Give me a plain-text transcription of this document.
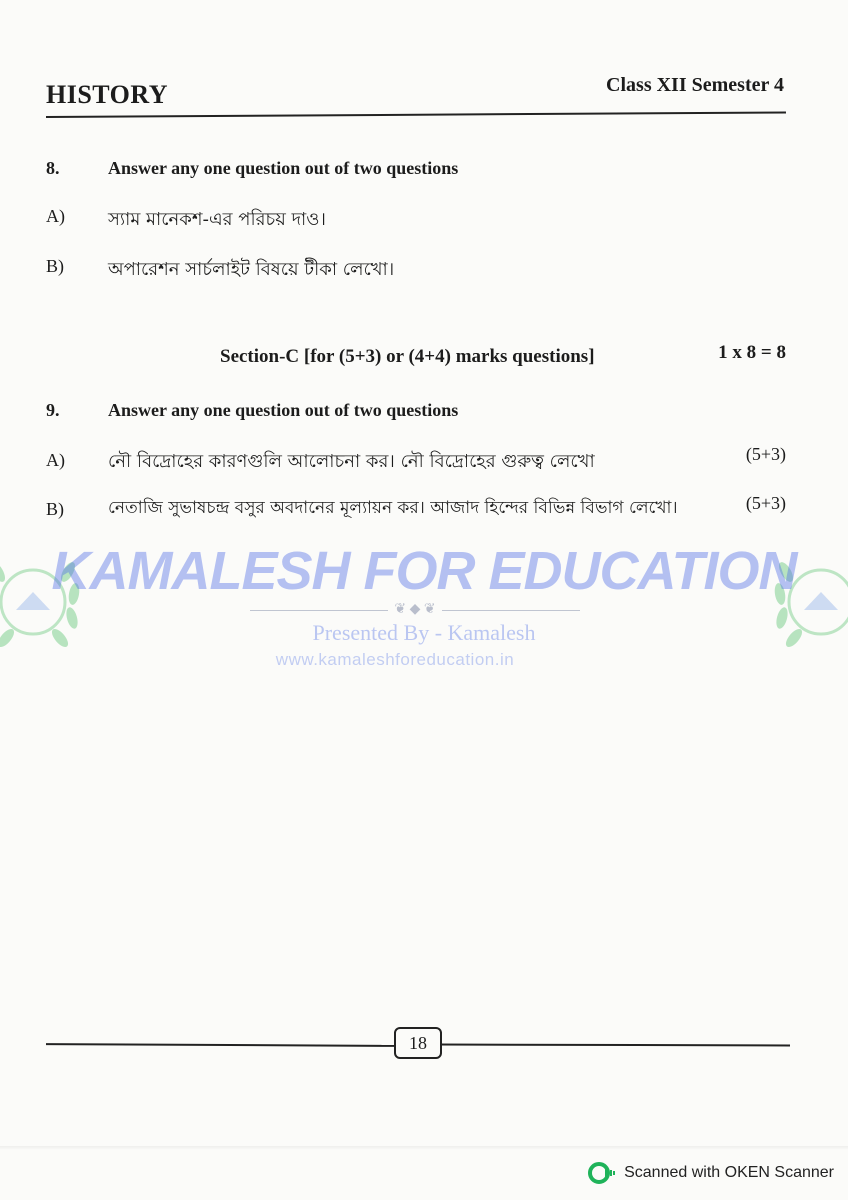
HISTORY	Class XII Semester 4
8.	Answer any one question out of two questions
A) স্যাম মানেকশ-এর পরিচয় দাও।
B) অপারেশন সার্চলাইট বিষয়ে টীকা লেখো।
Section-C [for (5+3) or (4+4) marks questions]	1 x 8 = 8
9.	Answer any one question out of two questions
A) নৌ বিদ্রোহের কারণগুলি আলোচনা কর। নৌ বিদ্রোহের গুরুত্ব লেখো	(5+3)
B)	নেতাজি সুভাষচন্দ্র বসুর অবদানের মূল্যায়ন কর। আজাদ হিন্দের বিভিন্ন বিভাগ লেখো।	(5+3)
KAMALESH FOR EDUCATION
❦ ◆ ❦
Presented By - Kamalesh
www.kamaleshforeducation.in
18
Scanned with OKEN Scanner
